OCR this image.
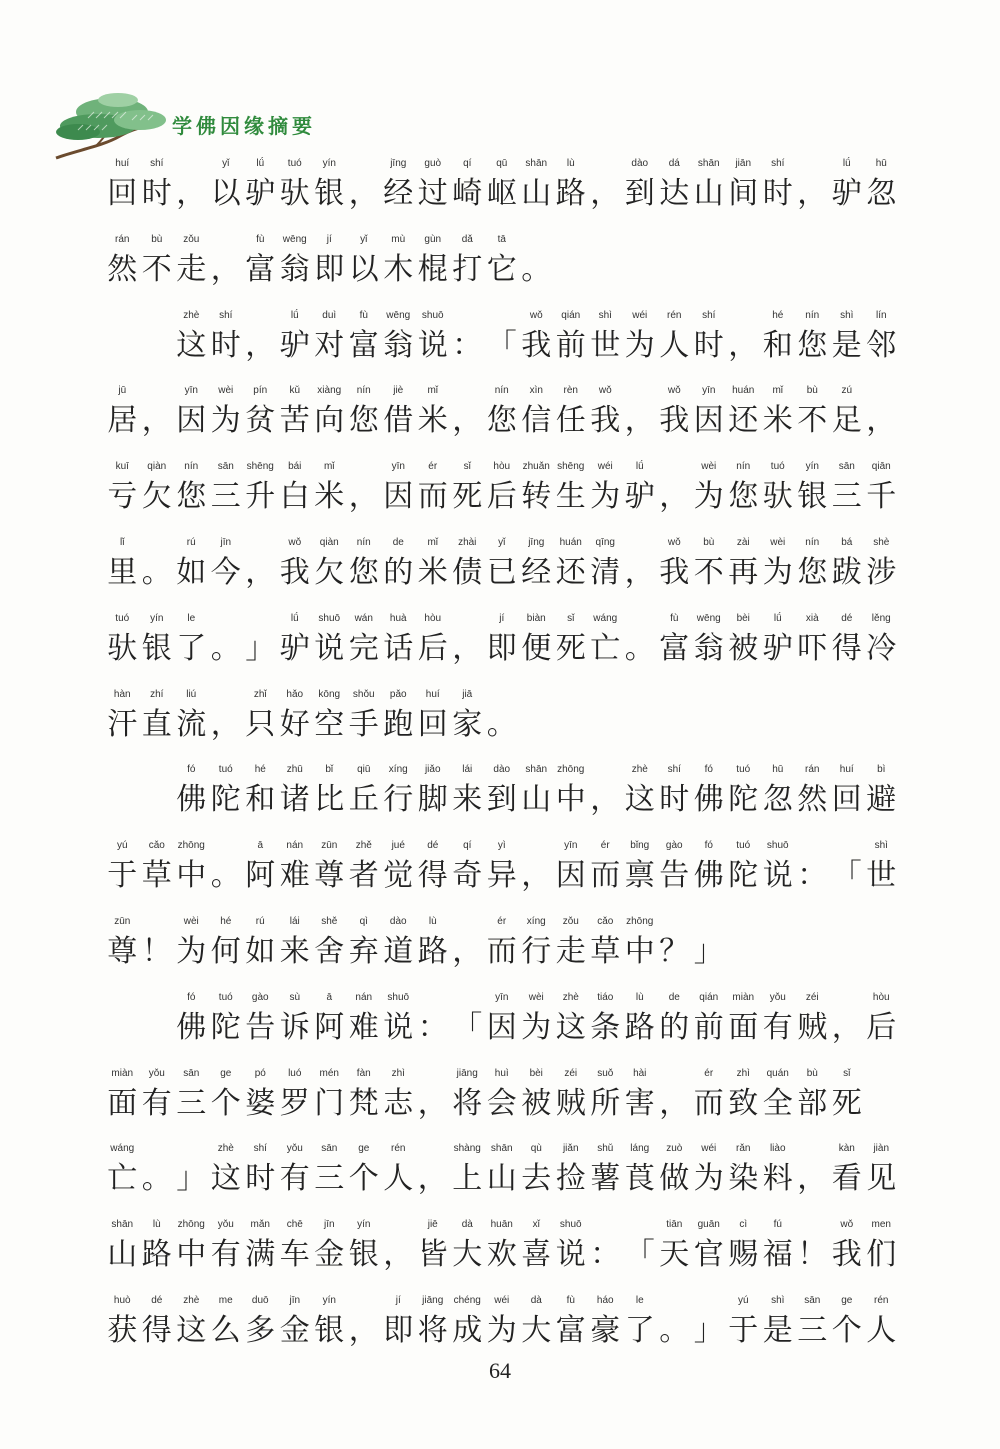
学佛因缘摘要
huí
回
shí
时 ，
yǐ
以
lǘ
驴
tuó
驮
yín
银 ，
jīng
经
guò
过
qí
崎
qū
岖
shān
山
lù
路 ，
dào
到
dá
达
shān
山
jiān
间
shí
时 ，
lǘ
驴
hū
忽
rán
然
bù
不
zǒu
走 ，
fù
富
wēng
翁
jí
即
yǐ
以
mù
木
gùn
棍
dǎ
打
tā
它 。
zhè
这
shí
时 ，
lǘ
驴
duì
对
fù
富
wēng
翁
shuō
说 ： 「
wǒ
我
qián
前
shì
世
wéi
为
rén
人
shí
时 ，
hé
和
nín
您
shì
是
lín
邻
jū
居 ，
yīn
因
wèi
为
pín
贫
kǔ
苦
xiàng
向
nín
您
jiè
借
mǐ
米 ，
nín
您
xìn
信
rèn
任
wǒ
我 ，
wǒ
我
yīn
因
huán
还
mǐ
米
bù
不
zú
足 ，
kuī
亏
qiàn
欠
nín
您
sān
三
shēng
升
bái
白
mǐ
米 ，
yīn
因
ér
而
sǐ
死
hòu
后
zhuǎn
转
shēng
生
wéi
为
lǘ
驴 ，
wèi
为
nín
您
tuó
驮
yín
银
sān
三
qiān
千
lǐ
里 。
rú
如
jīn
今 ，
wǒ
我
qiàn
欠
nín
您
de
的
mǐ
米
zhài
债
yǐ
已
jīng
经
huán
还
qīng
清 ，
wǒ
我
bù
不
zài
再
wèi
为
nín
您
bá
跋
shè
涉
tuó
驮
yín
银
le
了 。 」
lǘ
驴
shuō
说
wán
完
huà
话
hòu
后 ，
jí
即
biàn
便
sǐ
死
wáng
亡 。
fù
富
wēng
翁
bèi
被
lǘ
驴
xià
吓
dé
得
lěng
冷
hàn
汗
zhí
直
liú
流 ，
zhǐ
只
hǎo
好
kōng
空
shǒu
手
pǎo
跑
huí
回
jiā
家 。
fó
佛
tuó
陀
hé
和
zhū
诸
bǐ
比
qiū
丘
xíng
行
jiǎo
脚
lái
来
dào
到
shān
山
zhōng
中 ，
zhè
这
shí
时
fó
佛
tuó
陀
hū
忽
rán
然
huí
回
bì
避
yú
于
cǎo
草
zhōng
中 。
ā
阿
nán
难
zūn
尊
zhě
者
jué
觉
dé
得
qí
奇
yì
异 ，
yīn
因
ér
而
bǐng
禀
gào
告
fó
佛
tuó
陀
shuō
说 ： 「
shì
世
zūn
尊 ！
wèi
为
hé
何
rú
如
lái
来
shě
舍
qì
弃
dào
道
lù
路 ，
ér
而
xíng
行
zǒu
走
cǎo
草
zhōng
中 ？ 」
fó
佛
tuó
陀
gào
告
sù
诉
ā
阿
nán
难
shuō
说 ： 「
yīn
因
wèi
为
zhè
这
tiáo
条
lù
路
de
的
qián
前
miàn
面
yǒu
有
zéi
贼 ，
hòu
后
miàn
面
yǒu
有
sān
三
ge
个
pó
婆
luó
罗
mén
门
fàn
梵
zhì
志 ，
jiāng
将
huì
会
bèi
被
zéi
贼
suǒ
所
hài
害 ，
ér
而
zhì
致
quán
全
bù
部
sǐ
死
wáng
亡 。 」
zhè
这
shí
时
yǒu
有
sān
三
ge
个
rén
人 ，
shàng
上
shān
山
qù
去
jiǎn
捡
shǔ
薯
láng
莨
zuò
做
wéi
为
rǎn
染
liào
料 ，
kàn
看
jiàn
见
shān
山
lù
路
zhōng
中
yǒu
有
mǎn
满
chē
车
jīn
金
yín
银 ，
jiē
皆
dà
大
huān
欢
xǐ
喜
shuō
说 ： 「
tiān
天
guān
官
cì
赐
fú
福 ！
wǒ
我
men
们
huò
获
dé
得
zhè
这
me
么
duō
多
jīn
金
yín
银 ，
jí
即
jiāng
将
chéng
成
wéi
为
dà
大
fù
富
háo
豪
le
了 。 」
yú
于
shì
是
sān
三
ge
个
rén
人
64
